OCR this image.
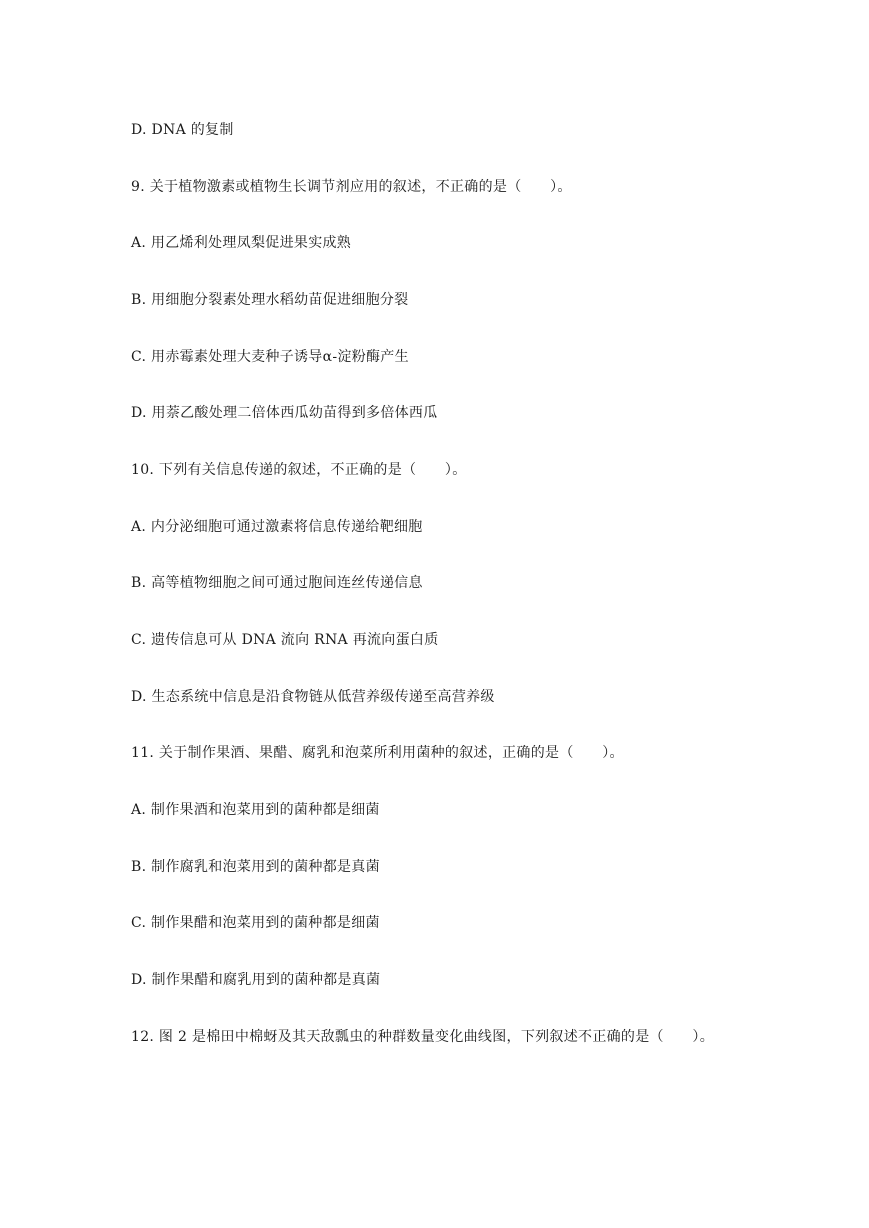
D. DNA 的复制
9. 关于植物激素或植物生长调节剂应用的叙述，不正确的是（　　）。
A. 用乙烯利处理凤梨促进果实成熟
B. 用细胞分裂素处理水稻幼苗促进细胞分裂
C. 用赤霉素处理大麦种子诱导α-淀粉酶产生
D. 用萘乙酸处理二倍体西瓜幼苗得到多倍体西瓜
10. 下列有关信息传递的叙述，不正确的是（　　）。
A. 内分泌细胞可通过激素将信息传递给靶细胞
B. 高等植物细胞之间可通过胞间连丝传递信息
C. 遗传信息可从 DNA 流向 RNA 再流向蛋白质
D. 生态系统中信息是沿食物链从低营养级传递至高营养级
11. 关于制作果酒、果醋、腐乳和泡菜所利用菌种的叙述，正确的是（　　）。
A. 制作果酒和泡菜用到的菌种都是细菌
B. 制作腐乳和泡菜用到的菌种都是真菌
C. 制作果醋和泡菜用到的菌种都是细菌
D. 制作果醋和腐乳用到的菌种都是真菌
12. 图 2 是棉田中棉蚜及其天敌瓢虫的种群数量变化曲线图，下列叙述不正确的是（　　）。
